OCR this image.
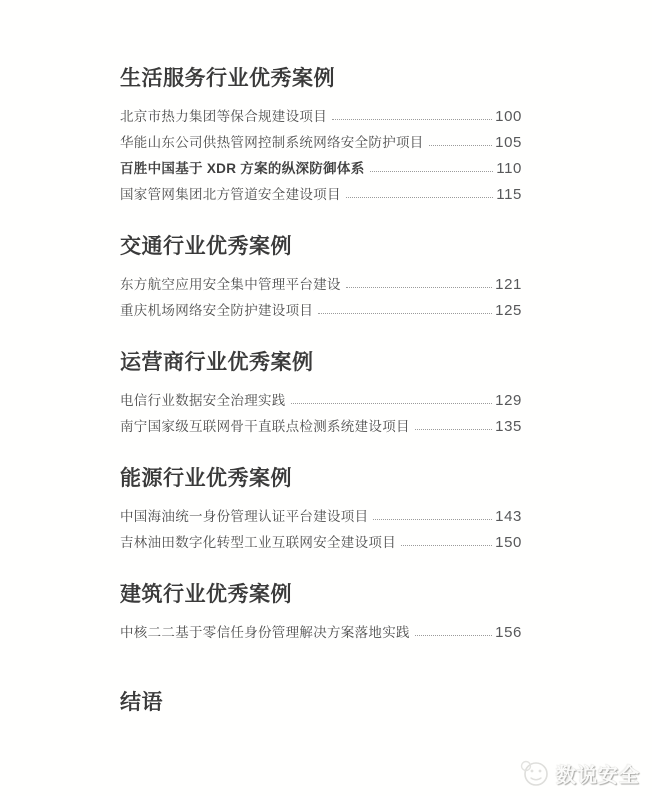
生活服务行业优秀案例
北京市热力集团等保合规建设项目	100
华能山东公司供热管网控制系统网络安全防护项目	105
百胜中国基于 XDR 方案的纵深防御体系	110
国家管网集团北方管道安全建设项目	115
交通行业优秀案例
东方航空应用安全集中管理平台建设	121
重庆机场网络安全防护建设项目	125
运营商行业优秀案例
电信行业数据安全治理实践	129
南宁国家级互联网骨干直联点检测系统建设项目	135
能源行业优秀案例
中国海油统一身份管理认证平台建设项目	143
吉林油田数字化转型工业互联网安全建设项目	150
建筑行业优秀案例
中核二二基于零信任身份管理解决方案落地实践	156
结语
数说安全
